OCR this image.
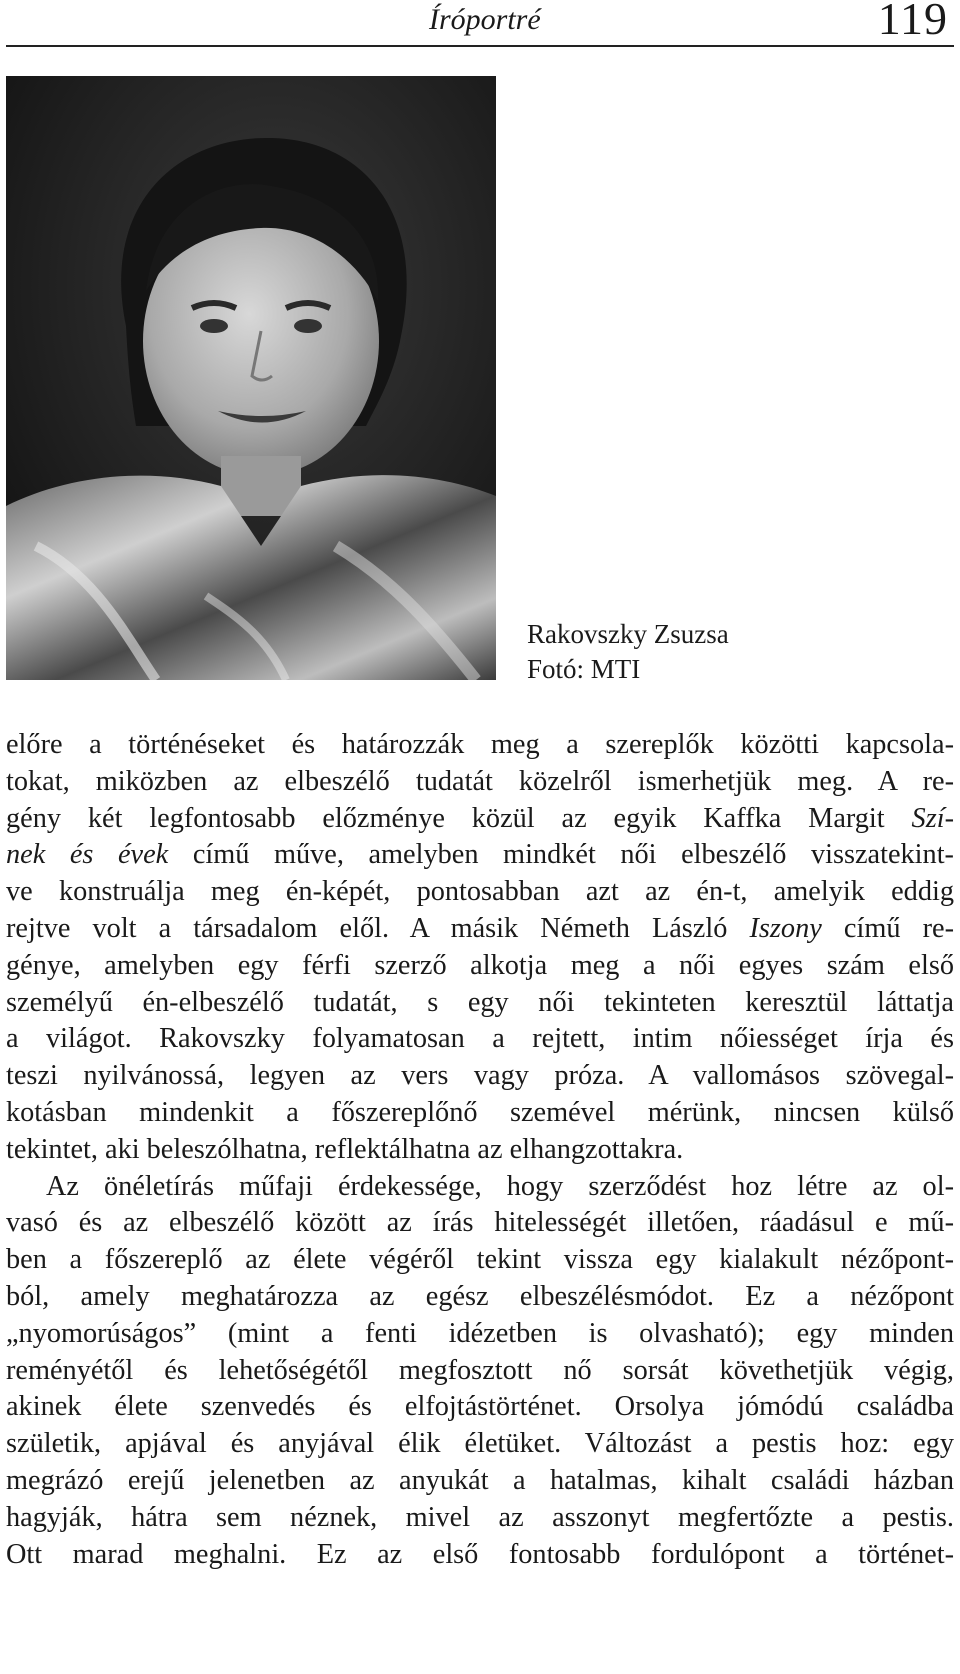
Íróportré	119
Rakovszky Zsuzsa
Fotó: MTI
előre a történéseket és határozzák meg a szereplők közötti kapcsola-
tokat, miközben az elbeszélő tudatát közelről ismerhetjük meg. A re-
gény két legfontosabb előzménye közül az egyik Kaffka Margit Szí-
nek és évek című műve, amelyben mindkét női elbeszélő visszatekint-
ve konstruálja meg én-képét, pontosabban azt az én-t, amelyik eddig
rejtve volt a társadalom elől. A másik Németh László Iszony című re-
génye, amelyben egy férfi szerző alkotja meg a női egyes szám első
személyű én-elbeszélő tudatát, s egy női tekinteten keresztül láttatja
a világot. Rakovszky folyamatosan a rejtett, intim nőiességet írja és
teszi nyilvánossá, legyen az vers vagy próza. A vallomásos szövegal-
kotásban mindenkit a főszereplőnő szemével mérünk, nincsen külső
tekintet, aki beleszólhatna, reflektálhatna az elhangzottakra.
Az önéletírás műfaji érdekessége, hogy szerződést hoz létre az ol-
vasó és az elbeszélő között az írás hitelességét illetően, ráadásul e mű-
ben a főszereplő az élete végéről tekint vissza egy kialakult nézőpont-
ból, amely meghatározza az egész elbeszélésmódot. Ez a nézőpont
„nyomorúságos” (mint a fenti idézetben is olvasható); egy minden
reményétől és lehetőségétől megfosztott nő sorsát követhetjük végig,
akinek élete szenvedés és elfojtástörténet. Orsolya jómódú családba
születik, apjával és anyjával élik életüket. Változást a pestis hoz: egy
megrázó erejű jelenetben az anyukát a hatalmas, kihalt családi házban
hagyják, hátra sem néznek, mivel az asszonyt megfertőzte a pestis.
Ott marad meghalni. Ez az első fontosabb fordulópont a történet-
